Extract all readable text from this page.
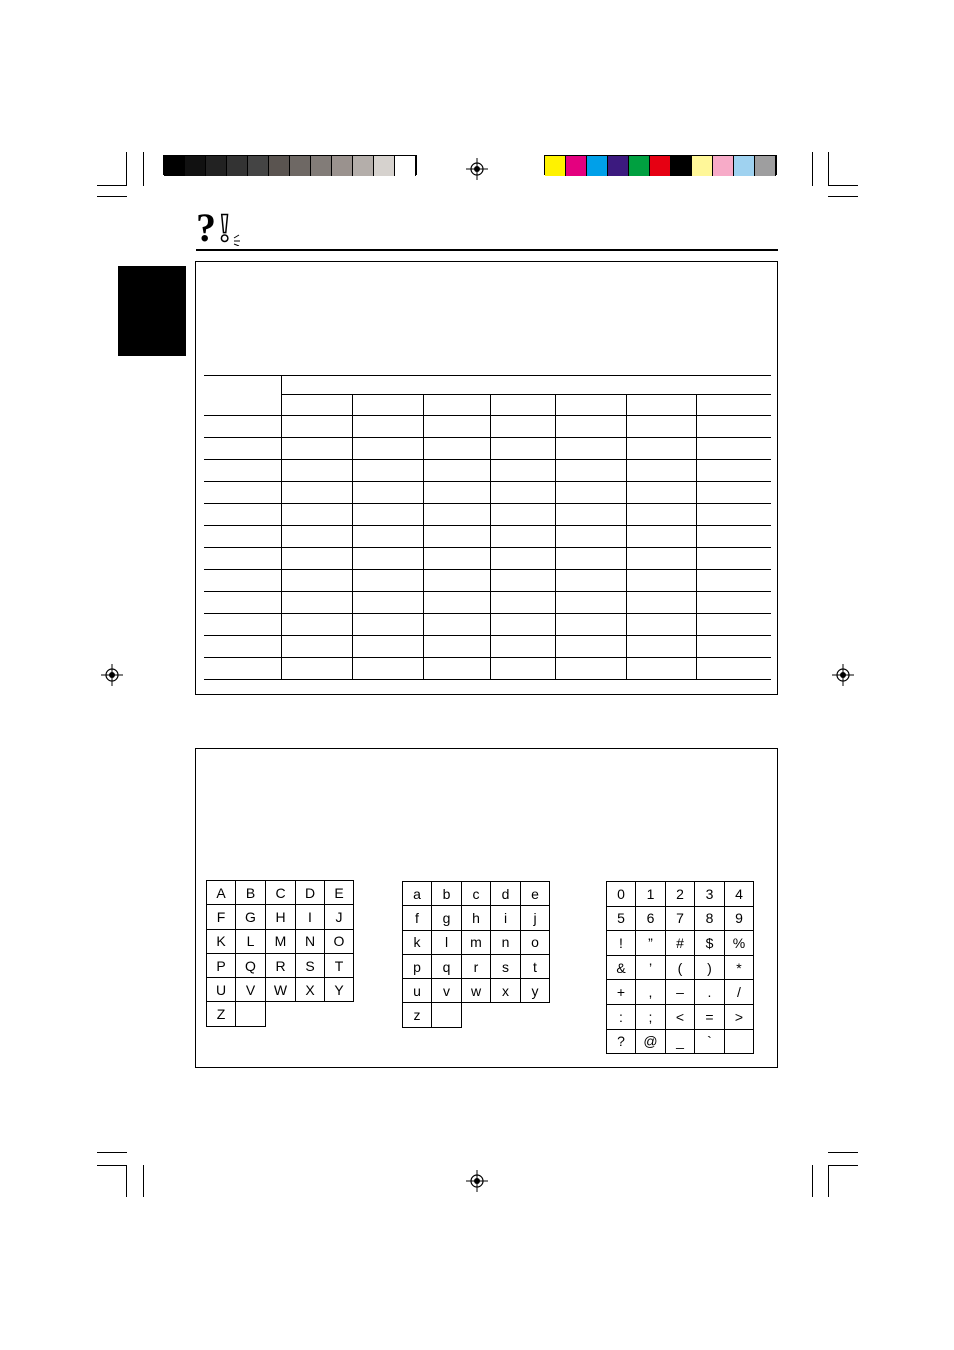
? !
A	B	C	D	E
F	G	H	I	J
K	L	M	N	O
P	Q	R	S	T
U	V	W	X	Y
Z
a	b	c	d	e
f	g	h	i	j
k	l	m	n	o
p	q	r	s	t
u	v	w	x	y
z
0	1	2	3	4
5	6	7	8	9
!	”	#	$	%
&	’	(	)	*
+	,	–	.	/
:	;	<	=	>
?	@	_	`
